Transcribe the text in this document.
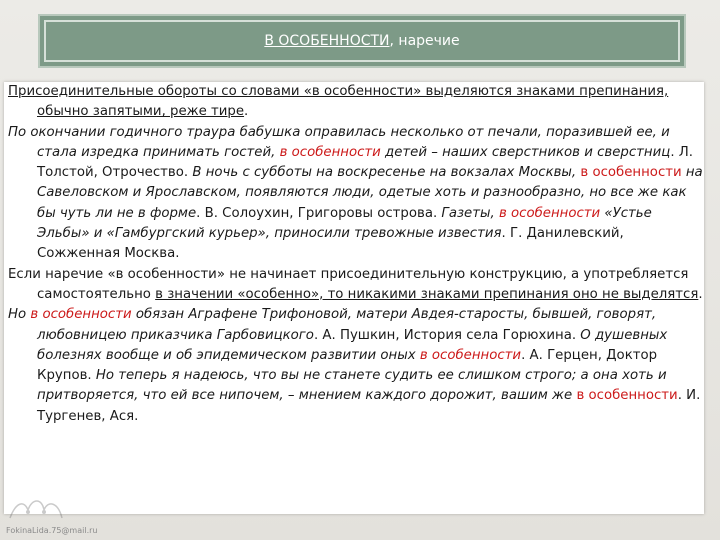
В ОСОБЕННОСТИ, наречие

Присоединительные обороты со словами «в особенности» выделяются знаками препинания, обычно запятыми, реже тире.

По окончании годичного траура бабушка оправилась несколько от печали, поразившей ее, и стала изредка принимать гостей, в особенности детей – наших сверстников и сверстниц. Л. Толстой, Отрочество. В ночь с субботы на воскресенье на вокзалах Москвы, в особенности на Савеловском и Ярославском, появляются люди, одетые хоть и разнообразно, но все же как бы чуть ли не в форме. В. Солоухин, Григоровы острова. Газеты, в особенности «Устье Эльбы» и «Гамбургский курьер», приносили тревожные известия. Г. Данилевский, Сожженная Москва.

Если наречие «в особенности» не начинает присоединительную конструкцию, а употребляется самостоятельно в значении «особенно», то никакими знаками препинания оно не выделятся.

Но в особенности обязан Аграфене Трифоновой, матери Авдея-старосты, бывшей, говорят, любовницею приказчика Гарбовицкого. А. Пушкин, История села Горюхина. О душевных болезнях вообще и об эпидемическом развитии оных в особенности. А. Герцен, Доктор Крупов. Но теперь я надеюсь, что вы не станете судить ее слишком строго; а она хоть и притворяется, что ей все нипочем, – мнением каждого дорожит, вашим же в особенности. И. Тургенев, Ася.

FokinaLida.75@mail.ru
